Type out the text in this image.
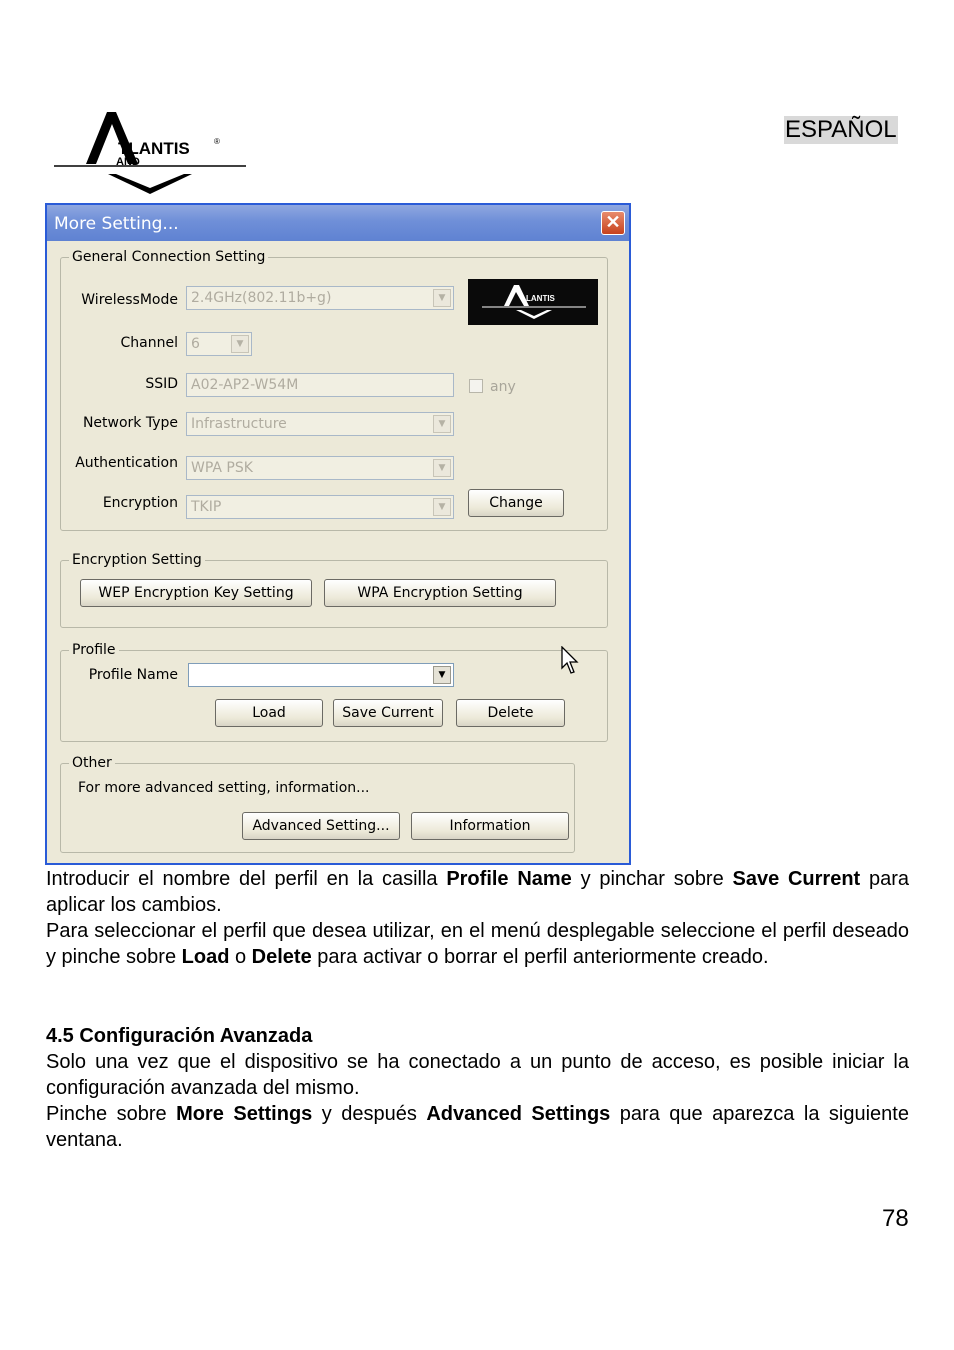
ESPAÑOL
TLANTIS
AND
®
More Setting...	✕
General Connection Setting
WirelessMode 2.4GHz(802.11b+g)	▼	LANTIS
Channel 6	▼
SSID A02-AP2-W54M	any
Network Type Infrastructure	▼
Authentication WPA PSK	▼
Encryption TKIP	▼	Change
Encryption Setting
WEP Encryption Key Setting	WPA Encryption Setting
Profile
Profile Name	▼
Load	Save Current	Delete
Other
For more advanced setting, information...
Advanced Setting...	Information
Introducir el nombre del perfil en la casilla Profile Name y pinchar sobre Save Current para aplicar los cambios.
Para seleccionar el perfil que desea utilizar, en el menú desplegable seleccione el perfil deseado y pinche sobre Load o Delete para activar o borrar el perfil anteriormente creado.
4.5 Configuración Avanzada
Solo una vez que el dispositivo se ha conectado a un punto de acceso, es posible iniciar la configuración avanzada del mismo.
Pinche sobre More Settings y después Advanced Settings para que aparezca la siguiente ventana.
78
